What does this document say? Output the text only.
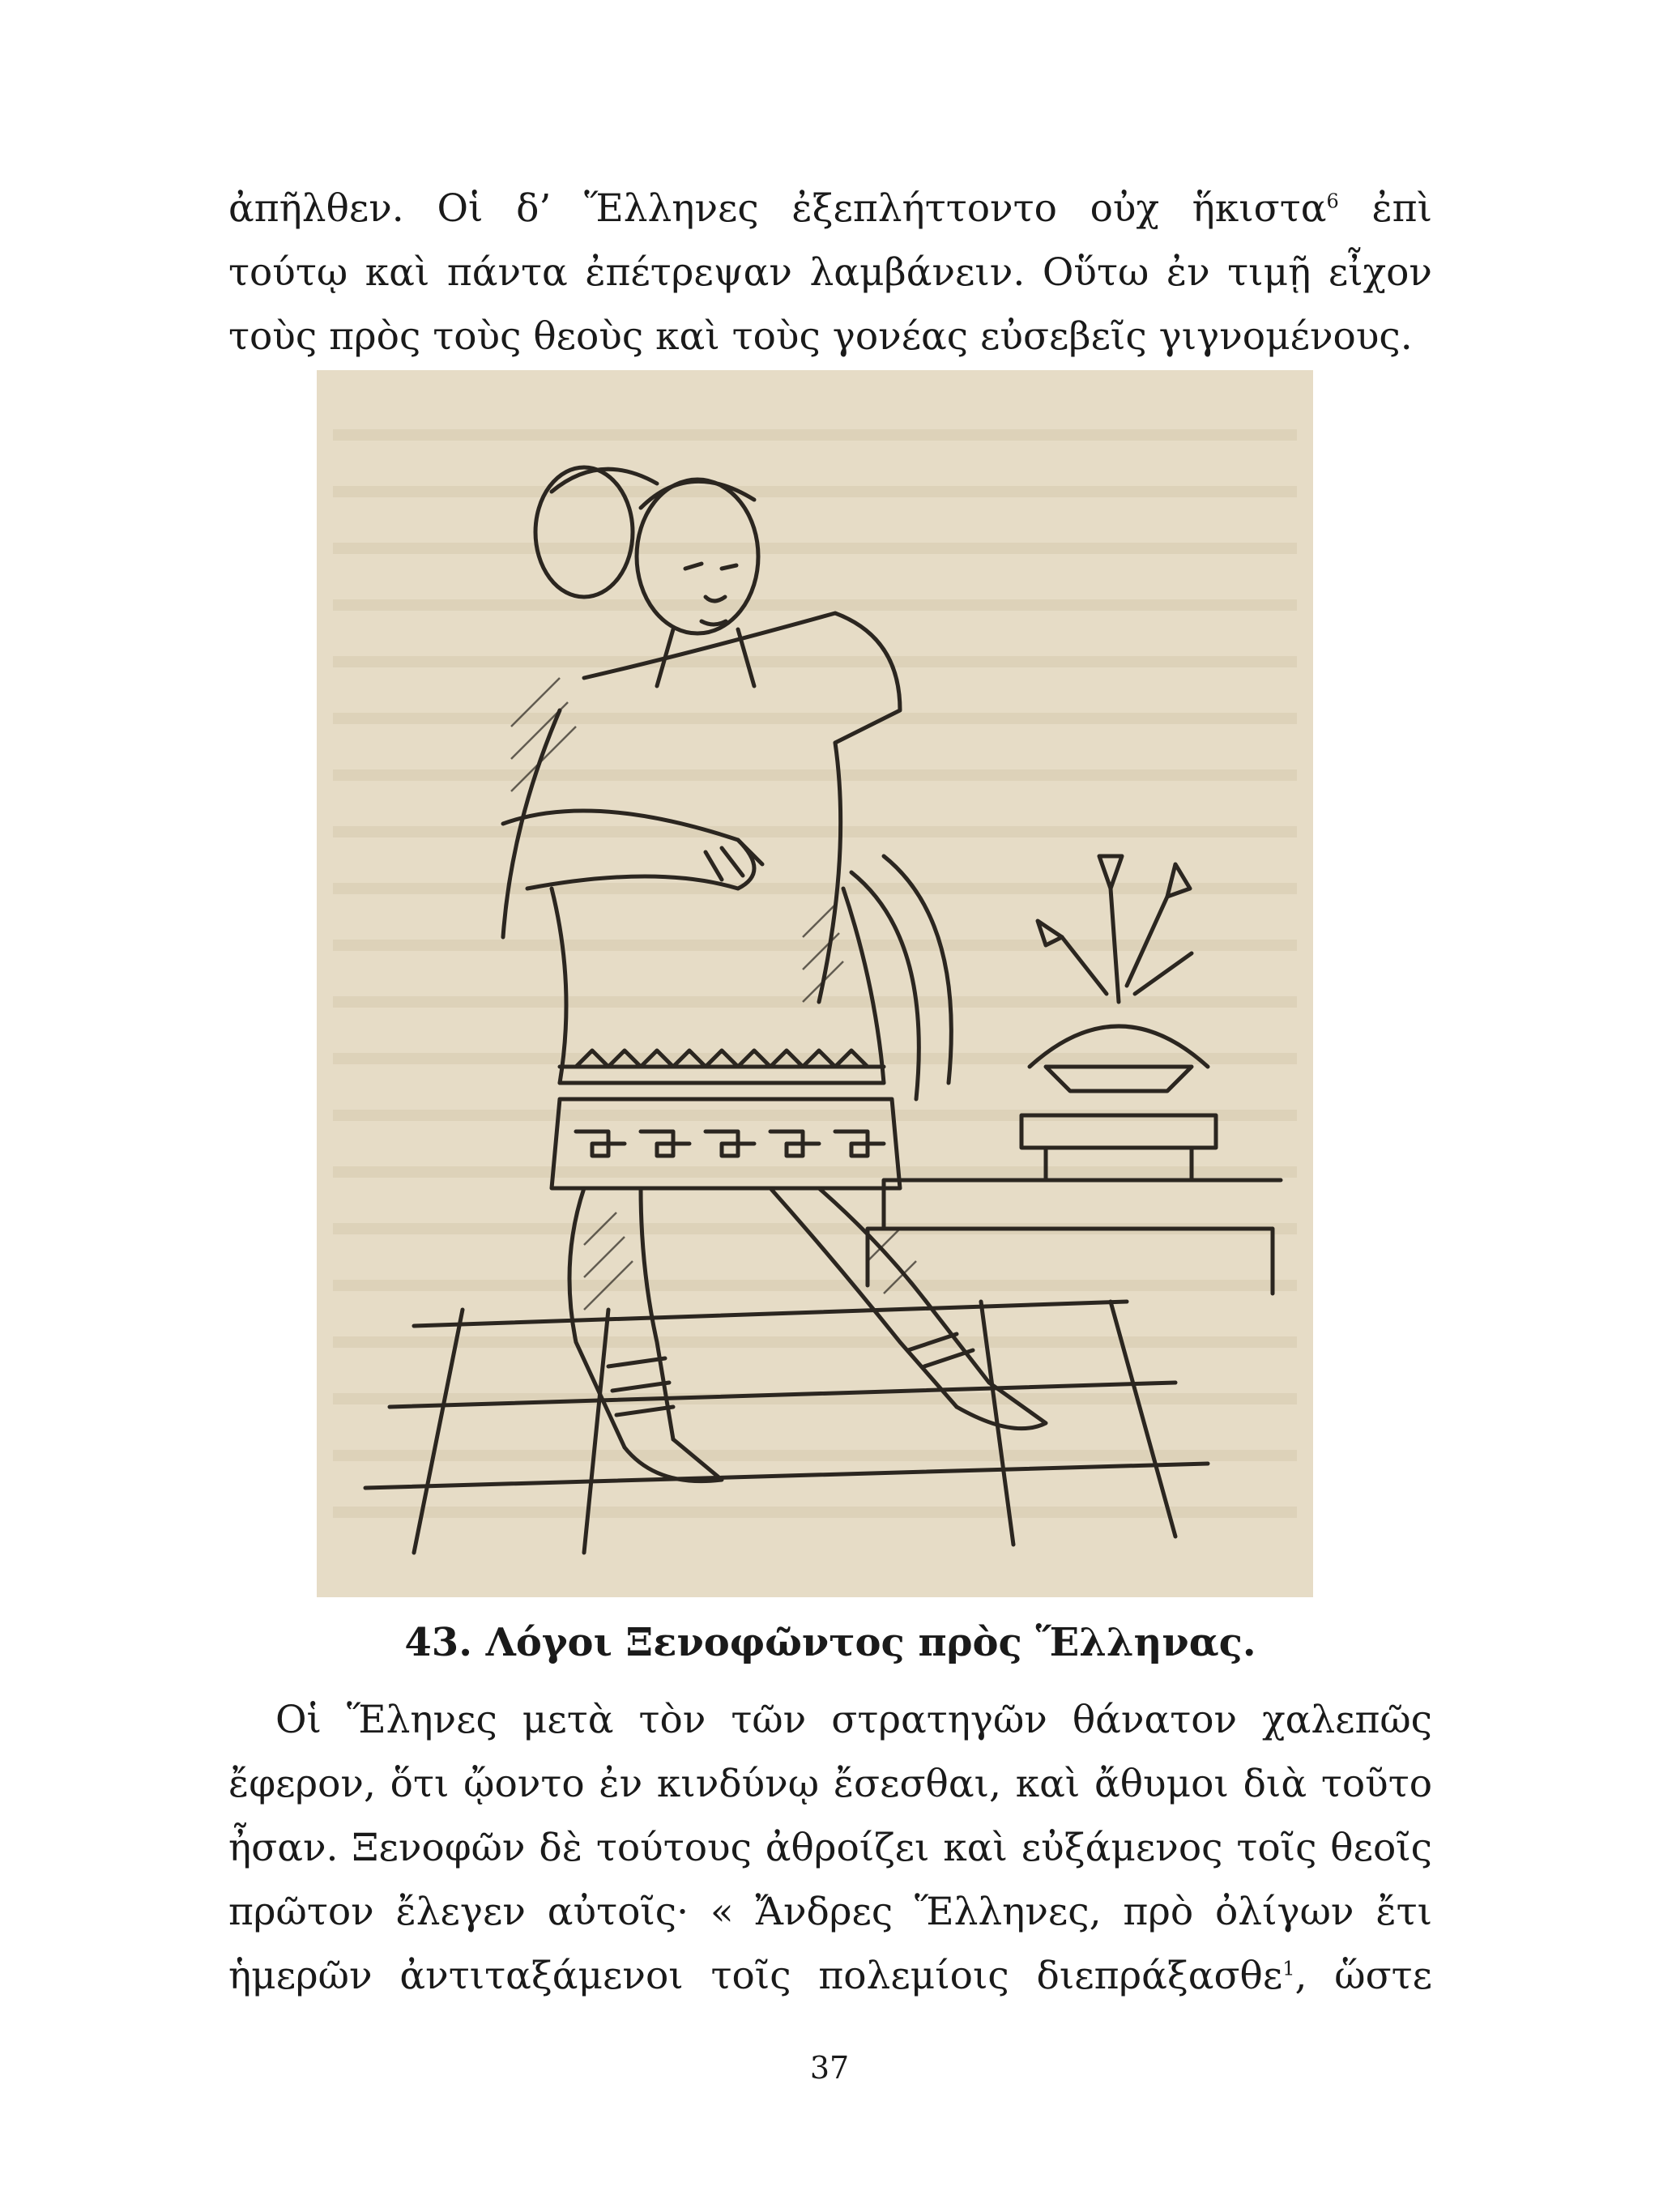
ἀπῆλθεν. Οἱ δ’ Ἕλληνες ἐξεπλήττοντο οὐχ ἥκιστα$^6$ ἐπὶ
τούτῳ καὶ πάντα ἐπέτρεψαν λαμβάνειν. Οὕτω ἐν τιμῇ εἶχον
τοὺς πρὸς τοὺς θεοὺς καὶ τοὺς γονέας εὐσεβεῖς γιγνομένους.
43. Λόγοι Ξενοφῶντος πρὸς Ἕλληνας.
Οἱ Ἕληνες μετὰ τὸν τῶν στρατηγῶν θάνατον χαλεπῶς
ἔφερον, ὅτι ᾤοντο ἐν κινδύνῳ ἔσεσθαι, καὶ ἄθυμοι διὰ τοῦτο
ἦσαν. Ξενοφῶν δὲ τούτους ἀθροίζει καὶ εὐξάμενος τοῖς θεοῖς
πρῶτον ἔλεγεν αὐτοῖς· « Ἄνδρες Ἕλληνες, πρὸ ὀλίγων ἔτι
ἡμερῶν ἀντιταξάμενοι τοῖς πολεμίοις διεπράξασθε$^1$, ὥστε
37
